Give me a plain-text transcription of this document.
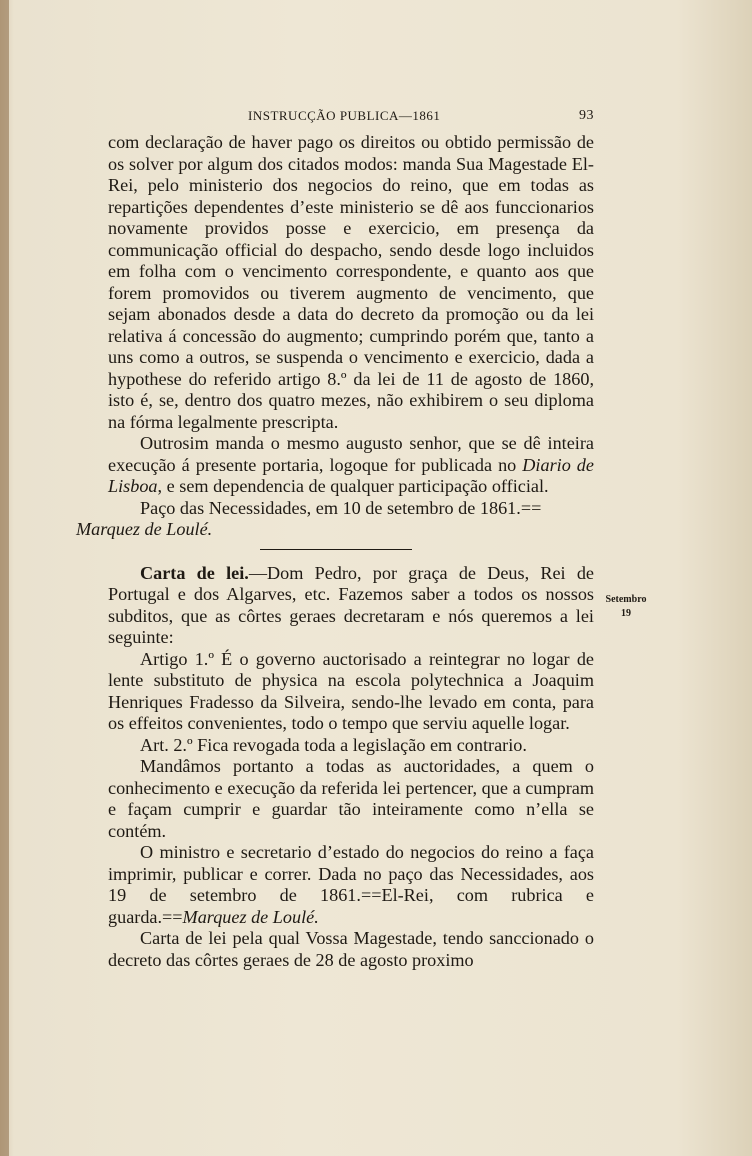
INSTRUCÇÃO PUBLICA—1861	93

com declaração de haver pago os direitos ou obtido permissão de os solver por algum dos citados modos: manda Sua Magestade El-Rei, pelo ministerio dos negocios do reino, que em todas as repartições dependentes d’este ministerio se dê aos funccionarios novamente providos posse e exercicio, em presença da communicação official do despacho, sendo desde logo incluidos em folha com o vencimento correspondente, e quanto aos que forem promovidos ou tiverem augmento de vencimento, que sejam abonados desde a data do decreto da promoção ou da lei relativa á concessão do augmento; cumprindo porém que, tanto a uns como a outros, se suspenda o vencimento e exercicio, dada a hypothese do referido artigo 8.º da lei de 11 de agosto de 1860, isto é, se, dentro dos quatro mezes, não exhibirem o seu diploma na fórma legalmente prescripta.

Outrosim manda o mesmo augusto senhor, que se dê inteira execução á presente portaria, logoque for publicada no Diario de Lisboa, e sem dependencia de qualquer participação official.

Paço das Necessidades, em 10 de setembro de 1861.==
Marquez de Loulé.

Carta de lei.—Dom Pedro, por graça de Deus, Rei de Portugal e dos Algarves, etc. Fazemos saber a todos os nossos subditos, que as côrtes geraes decretaram e nós queremos a lei seguinte:

Artigo 1.º É o governo auctorisado a reintegrar no logar de lente substituto de physica na escola polytechnica a Joaquim Henriques Fradesso da Silveira, sendo-lhe levado em conta, para os effeitos convenientes, todo o tempo que serviu aquelle logar.

Art. 2.º Fica revogada toda a legislação em contrario.

Mandâmos portanto a todas as auctoridades, a quem o conhecimento e execução da referida lei pertencer, que a cumpram e façam cumprir e guardar tão inteiramente como n’ella se contém.

O ministro e secretario d’estado do negocios do reino a faça imprimir, publicar e correr. Dada no paço das Necessidades, aos 19 de setembro de 1861.==El-Rei, com rubrica e guarda.==Marquez de Loulé.

Carta de lei pela qual Vossa Magestade, tendo sanccionado o decreto das côrtes geraes de 28 de agosto proximo

Setembro
19
